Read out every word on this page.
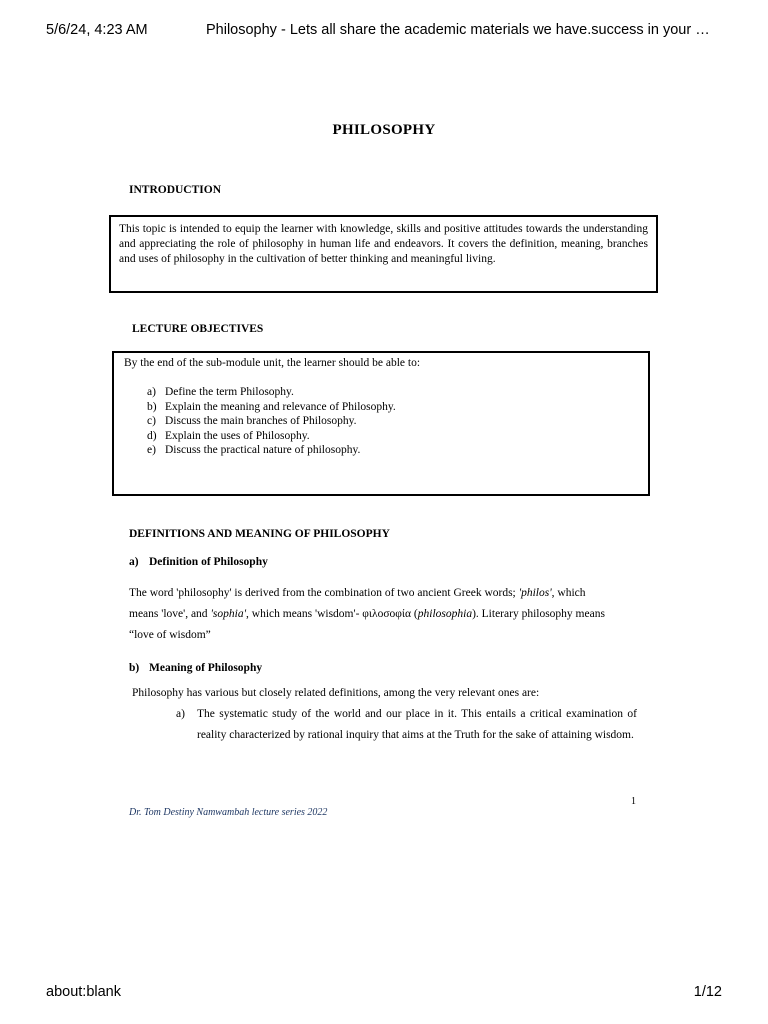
5/6/24, 4:23 AM	Philosophy - Lets all share the academic materials we have.success in your …
PHILOSOPHY
INTRODUCTION
This topic is intended to equip the learner with knowledge, skills and positive attitudes towards the understanding and appreciating the role of philosophy in human life and endeavors. It covers the definition, meaning, branches and uses of philosophy in the cultivation of better thinking and meaningful living.
LECTURE OBJECTIVES
By the end of the sub-module unit, the learner should be able to:
a) Define the term Philosophy.
b) Explain the meaning and relevance of Philosophy.
c) Discuss the main branches of Philosophy.
d) Explain the uses of Philosophy.
e) Discuss the practical nature of philosophy.
DEFINITIONS AND MEANING OF PHILOSOPHY
a) Definition of Philosophy
The word 'philosophy' is derived from the combination of two ancient Greek words; 'philos', which means 'love', and 'sophia', which means 'wisdom'- φιλοσοφία (philosophia). Literary philosophy means “love of wisdom”
b) Meaning of Philosophy
Philosophy has various but closely related definitions, among the very relevant ones are:
a) The systematic study of the world and our place in it. This entails a critical examination of reality characterized by rational inquiry that aims at the Truth for the sake of attaining wisdom.
1
Dr. Tom Destiny Namwambah lecture series 2022
about:blank	1/12
